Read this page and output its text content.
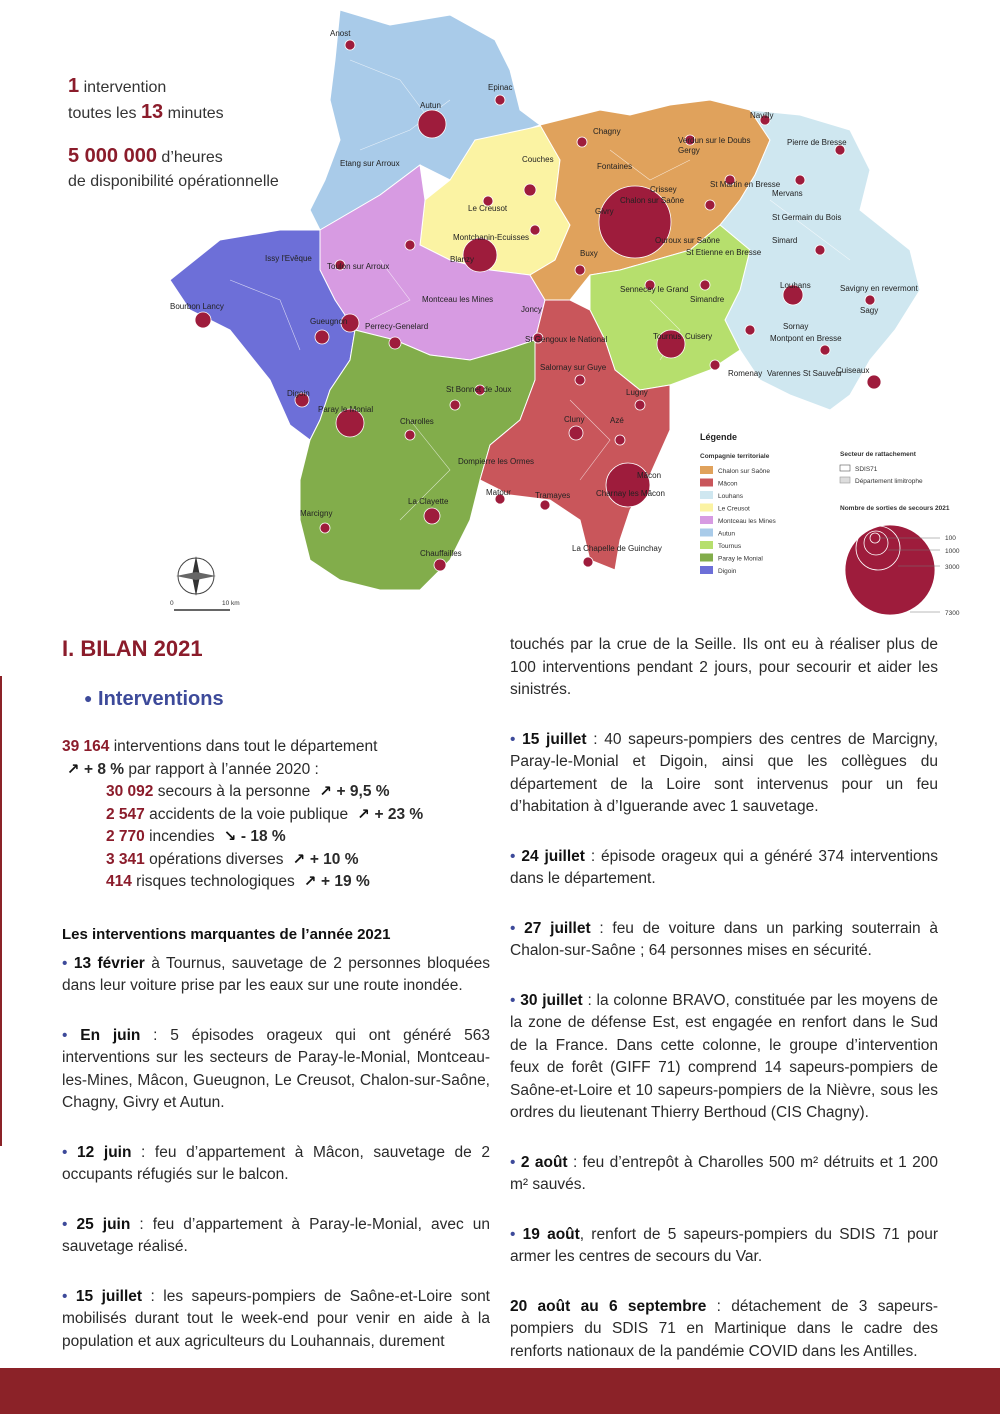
Anost
Autun
Epinac
Etang sur Arroux
Chagny
Navilly
Verdun sur le Doubs
Gergy
Pierre de Bresse
Couches
Fontaines
St Martin en Bresse
Le Creusot
Crissey
Chalon sur Saône
Givry
Mervans
St Germain du Bois
Montchanin-Ecuisses	Ouroux sur Saône
St Etienne en Bresse
Simard
Issy l'Evêque
Toulon sur Arroux
Blanzy
Buxy
Louhans	Savigny en revermont
Montceau les Mines
Sennecey le Grand
Simandre
Bourbon Lancy
Gueugnon
Perrecy-Genelard
Joncy	Sagy
Sornay
Montpont en Bresse
St Gengoux le National	Tournus Cuisery
Salornay sur Guye
Romenay Varennes St Sauveur
Cuiseaux
St Bonnet de Joux
Digoin
Paray le Monial
Lugny
Charolles	Cluny	Azé
Dompierre les Ormes
Mâcon
Matour	Tramayes	Charnay les Mâcon
La Clayette
Marcigny
Chauffailles
La Chapelle de Guinchay
0	10 km
Légende
Compagnie territoriale
Chalon sur Saône
Mâcon
Louhans
Le Creusot
Montceau les Mines
Autun
Tournus
Paray le Monial
Digoin
Secteur de rattachement
SDIS71
Département limitrophe
Nombre de sorties de secours 2021
100
1000
3000
7300
1 intervention
toutes les 13 minutes
5 000 000 d’heures
de disponibilité opérationnelle
I. BILAN 2021
● Interventions
39 164 interventions dans tout le département
↗ + 8 % par rapport à l’année 2020 :
30 092 secours à la personne ↗ + 9,5 %
2 547 accidents de la voie publique ↗ + 23 %
2 770 incendies ↘ - 18 %
3 341 opérations diverses ↗ + 10 %
414 risques technologiques ↗ + 19 %
Les interventions marquantes de l’année 2021

• 13 février à Tournus, sauvetage de 2 personnes bloquées dans leur voiture prise par les eaux sur une route inondée.

• En juin : 5 épisodes orageux qui ont généré 563 interventions sur les secteurs de Paray-le-Monial, Montceau-les-Mines, Mâcon, Gueugnon, Le Creusot, Chalon-sur-Saône, Chagny, Givry et Autun.

• 12 juin : feu d’appartement à Mâcon, sauvetage de 2 occupants réfugiés sur le balcon.

• 25 juin : feu d’appartement à Paray-le-Monial, avec un sauvetage réalisé.

• 15 juillet : les sapeurs-pompiers de Saône-et-Loire sont mobilisés durant tout le week-end pour venir en aide à la population et aux agriculteurs du Louhannais, durement

touchés par la crue de la Seille. Ils ont eu à réaliser plus de 100 interventions pendant 2 jours, pour secourir et aider les sinistrés.

• 15 juillet : 40 sapeurs-pompiers des centres de Marcigny, Paray-le-Monial et Digoin, ainsi que les collègues du département de la Loire sont intervenus pour un feu d’habitation à d’Iguerande avec 1 sauvetage.

• 24 juillet : épisode orageux qui a généré 374 interventions dans le département.

• 27 juillet : feu de voiture dans un parking souterrain à Chalon-sur-Saône ; 64 personnes mises en sécurité.

• 30 juillet : la colonne BRAVO, constituée par les moyens de la zone de défense Est, est engagée en renfort dans le Sud de la France. Dans cette colonne, le groupe d’intervention feux de forêt (GIFF 71) comprend 14 sapeurs-pompiers de Saône-et-Loire et 10 sapeurs-pompiers de la Nièvre, sous les ordres du lieutenant Thierry Berthoud (CIS Chagny).

• 2 août : feu d’entrepôt à Charolles 500 m² détruits et 1 200 m² sauvés.

• 19 août, renfort de 5 sapeurs-pompiers du SDIS 71 pour armer les centres de secours du Var.

20 août au 6 septembre : détachement de 3 sapeurs-pompiers du SDIS 71 en Martinique dans le cadre des renforts nationaux de la pandémie COVID dans les Antilles.
